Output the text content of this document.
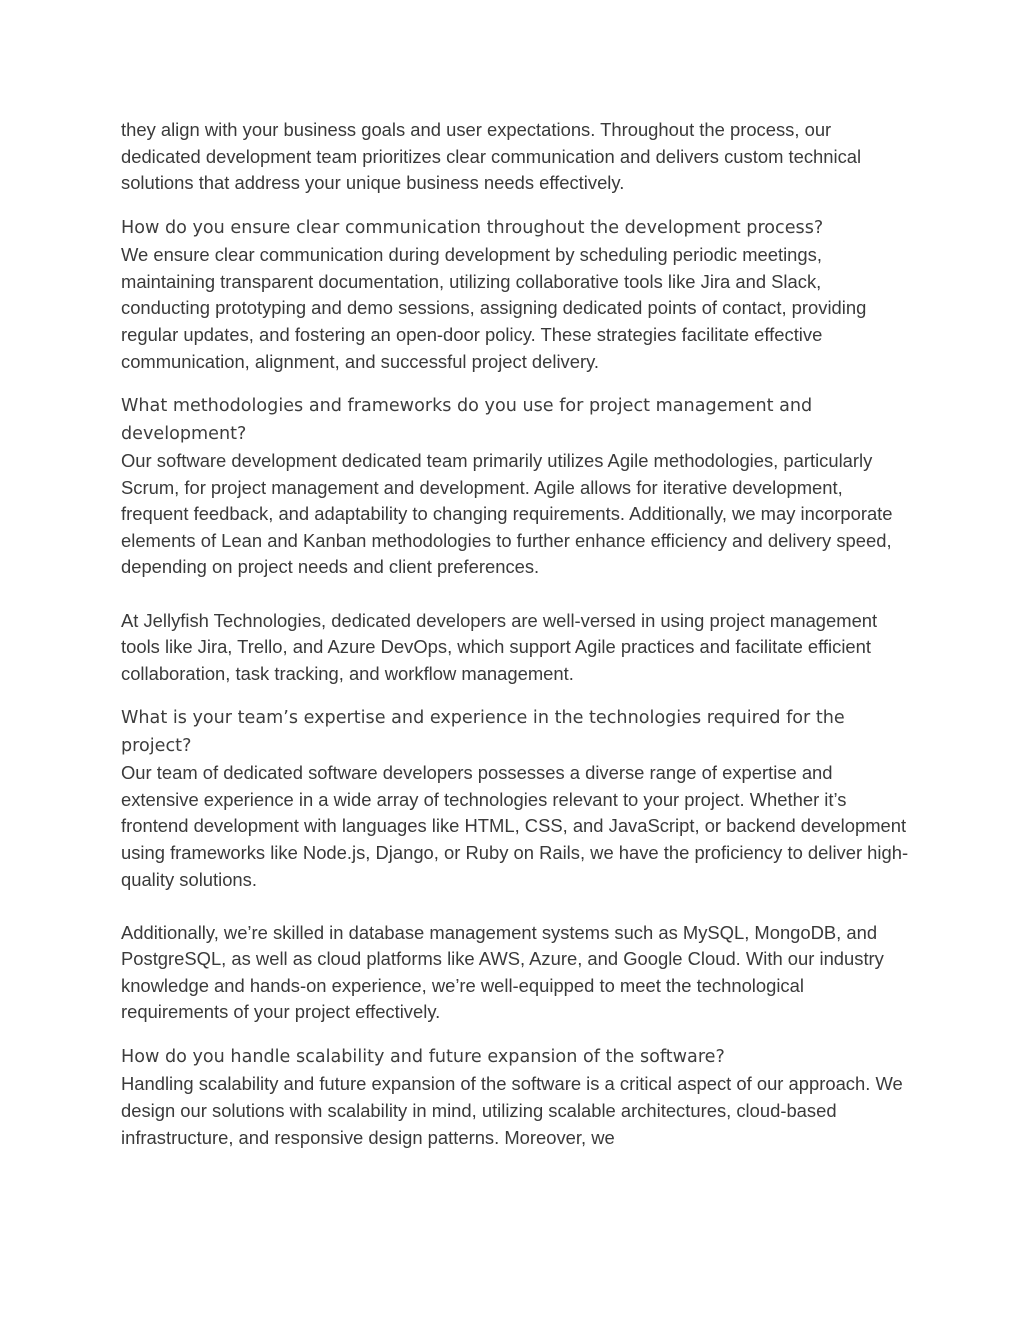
they align with your business goals and user expectations. Throughout the process, our dedicated development team prioritizes clear communication and delivers custom technical solutions that address your unique business needs effectively.

How do you ensure clear communication throughout the development process?

We ensure clear communication during development by scheduling periodic meetings, maintaining transparent documentation, utilizing collaborative tools like Jira and Slack, conducting prototyping and demo sessions, assigning dedicated points of contact, providing regular updates, and fostering an open-door policy. These strategies facilitate effective communication, alignment, and successful project delivery.

What methodologies and frameworks do you use for project management and development?

Our software development dedicated team primarily utilizes Agile methodologies, particularly Scrum, for project management and development. Agile allows for iterative development, frequent feedback, and adaptability to changing requirements. Additionally, we may incorporate elements of Lean and Kanban methodologies to further enhance efficiency and delivery speed, depending on project needs and client preferences.

At Jellyfish Technologies, dedicated developers are well-versed in using project management tools like Jira, Trello, and Azure DevOps, which support Agile practices and facilitate efficient collaboration, task tracking, and workflow management.

What is your team’s expertise and experience in the technologies required for the project?

Our team of dedicated software developers possesses a diverse range of expertise and extensive experience in a wide array of technologies relevant to your project. Whether it’s frontend development with languages like HTML, CSS, and JavaScript, or backend development using frameworks like Node.js, Django, or Ruby on Rails, we have the proficiency to deliver high-quality solutions.

Additionally, we’re skilled in database management systems such as MySQL, MongoDB, and PostgreSQL, as well as cloud platforms like AWS, Azure, and Google Cloud. With our industry knowledge and hands-on experience, we’re well-equipped to meet the technological requirements of your project effectively.

How do you handle scalability and future expansion of the software?

Handling scalability and future expansion of the software is a critical aspect of our approach. We design our solutions with scalability in mind, utilizing scalable architectures, cloud-based infrastructure, and responsive design patterns. Moreover, we
